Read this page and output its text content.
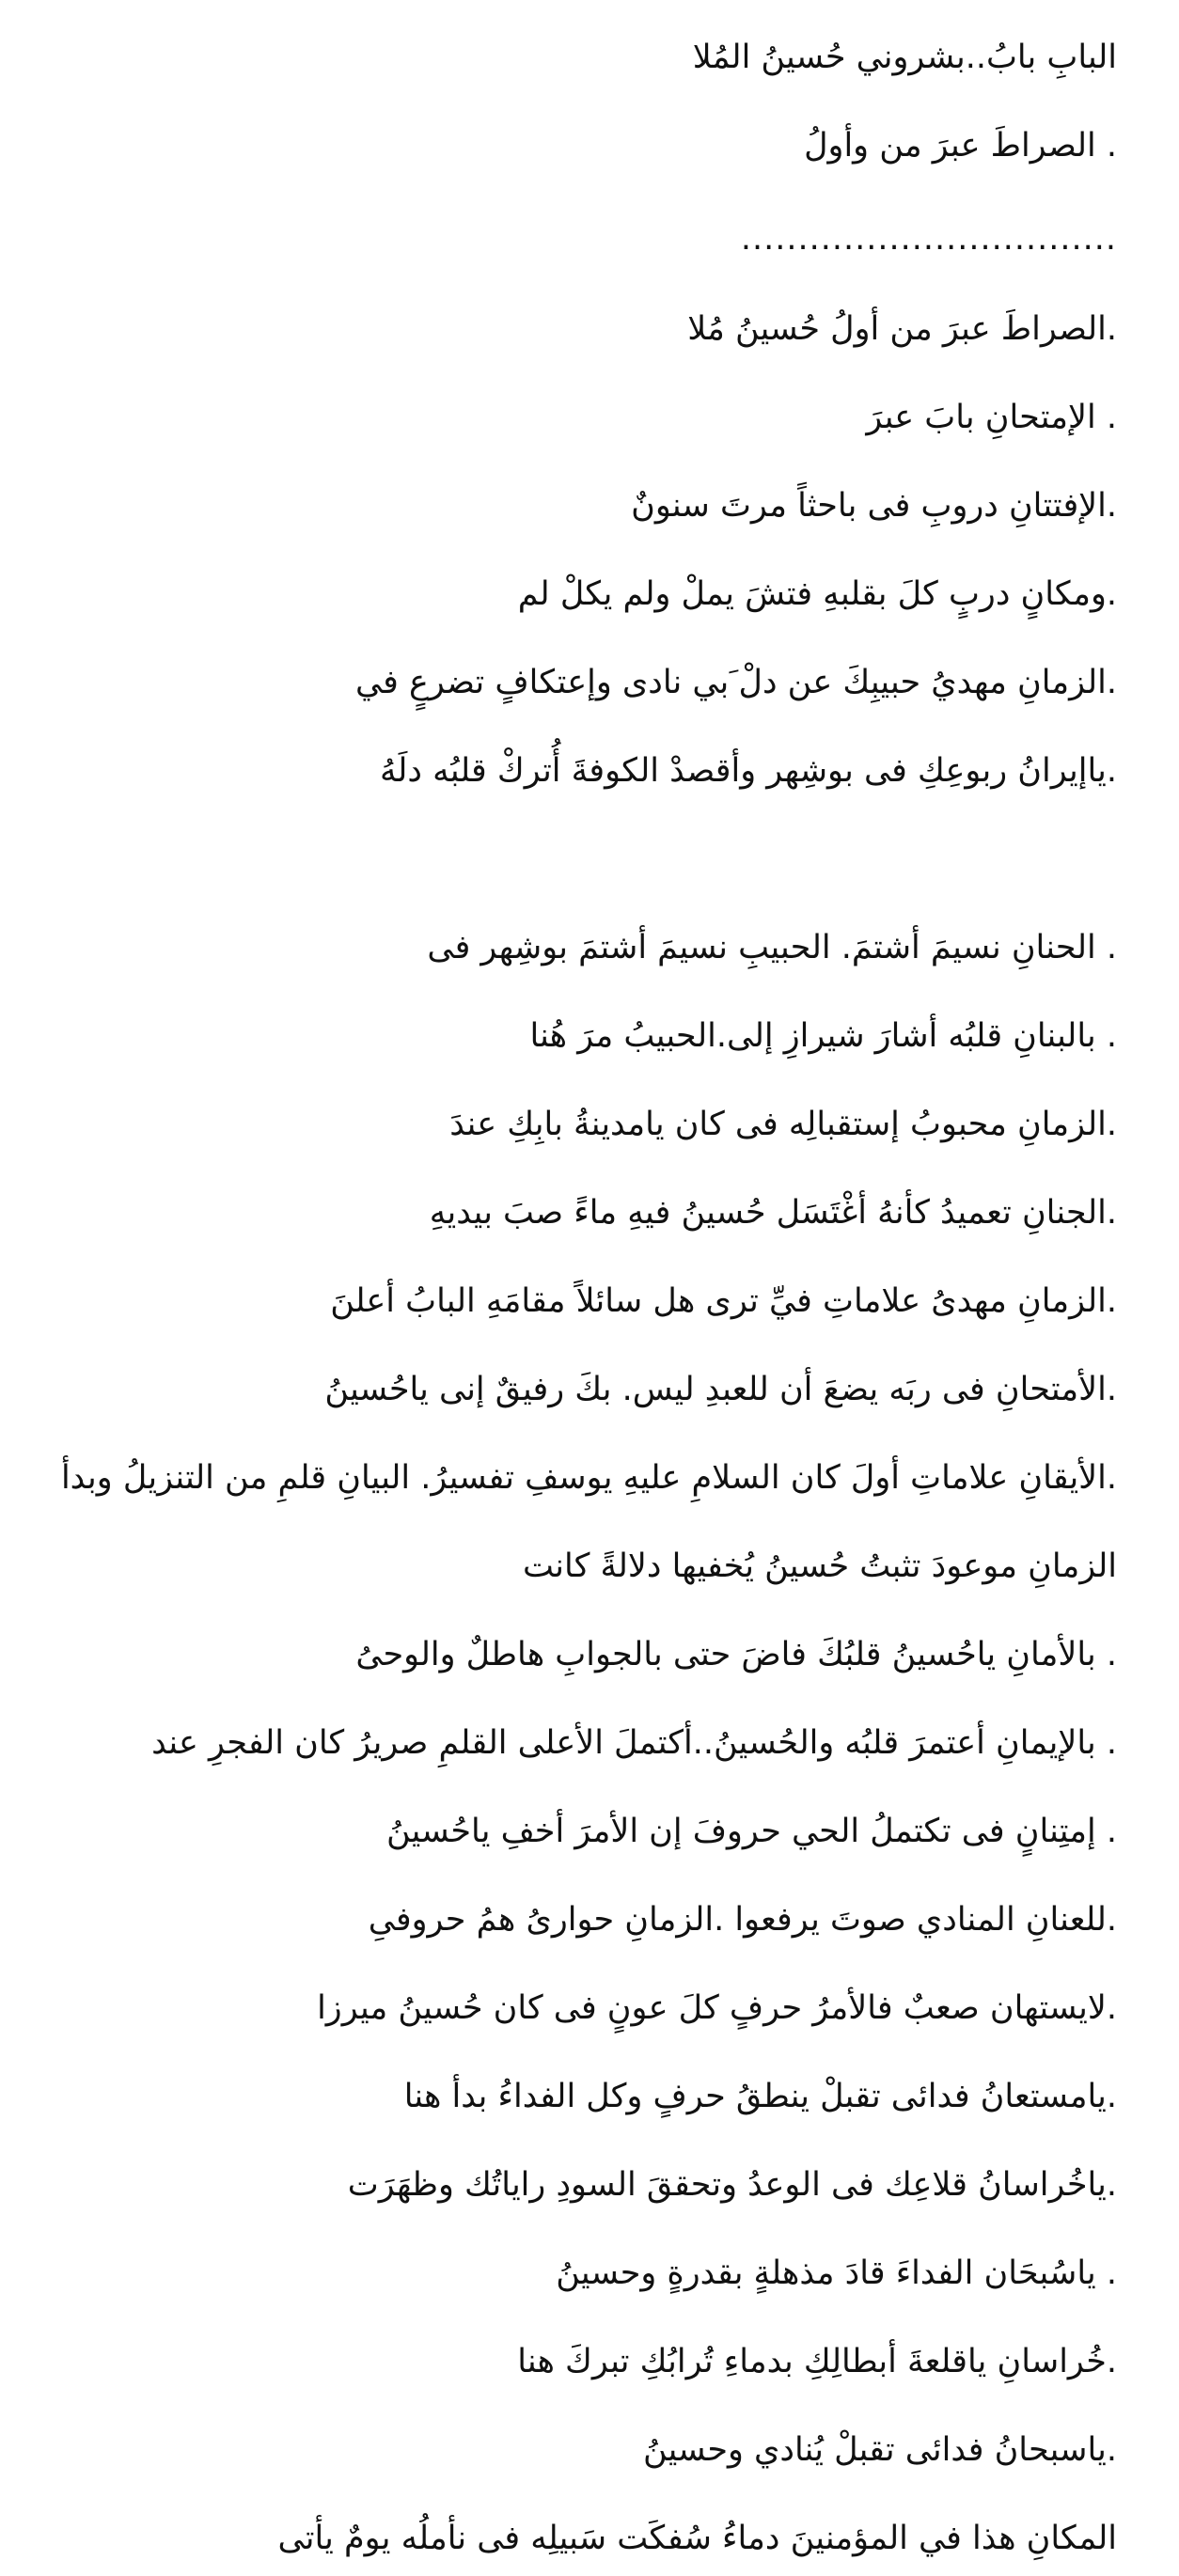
البابِ بابُ..بشروني حُسينُ المُلا
. الصراطَ عبرَ من وأولُ
.................................
.الصراطَ عبرَ من أولُ حُسينُ مُلا
. الإمتحانِ بابَ عبرَ
.الإفتتانِ دروبِ فى باحثاً مرتَ سنونٌ
.ومكانٍ دربٍ كلَ بقلبهِ فتشَ يملْ ولم يكلْ لم
.الزمانِ مهديُ حبيبِكَ عن دلْ َبي نادى وإعتكافٍ تضرعٍ في
.ياإيرانُ ربوعِكِ فى بوشِهر وأقصدْ الكوفةَ أُتركْ قلبُه دلَهُ
. الحنانِ نسيمَ أشتمَ. الحبيبِ نسيمَ أشتمَ بوشِهر فى
. بالبنانِ قلبُه أشارَ شيرازِ إلى.الحبيبُ مرَ هُنا
.الزمانِ محبوبُ إستقبالِه فى كان يامدينةُ بابِكِ عندَ
.الجنانِ تعميدُ كأنهُ أغْتَسَل حُسينُ فيهِ ماءً صبَ بيديهِ
.الزمانِ مهدىُ علاماتِ فيِّ ترى هل سائلاً مقامَهِ البابُ أعلنَ
.الأمتحانِ فى ربَه يضعَ أن للعبدِ ليس. بكَ رفيقٌ إنى ياحُسينُ
.الأيقانِ علاماتِ أولَ كان السلامِ عليهِ يوسفِ تفسيرُ. البيانِ قلمِ من التنزيلُ وبدأ
الزمانِ موعودَ تثبتُ حُسينُ يُخفيها دلالةً كانت
. بالأمانِ ياحُسينُ قلبُكَ فاضَ حتى بالجوابِ هاطلٌ والوحىُ
. بالإيمانِ أعتمرَ قلبُه والحُسينُ..أكتملَ الأعلى القلمِ صريرُ كان الفجرِ عند
. إمتِنانٍ فى تكتملُ الحي حروفَ إن الأمرَ أخفِ ياحُسينُ
.للعنانِ المنادي صوتَ يرفعوا .الزمانِ حوارىُ همُ حروفىِ
.لايستهان صعبٌ فالأمرُ حرفٍ كلَ عونٍ فى كان حُسينُ ميرزا
.يامستعانُ فدائى تقبلْ ينطقُ حرفٍ وكل الفداءُ بدأ هنا
.ياخُراسانُ قلاعِك فى الوعدُ وتحققَ السودِ راياتُك وظهَرَت
. ياسُبحَان الفداءَ قادَ مذهلةٍ بقدرةٍ وحسينُ
.خُراسانِ ياقلعةَ أبطالِكِ بدماءِ تُرابُكِ تبركَ هنا
.ياسبحانُ فدائى تقبلْ يُنادي وحسينُ
المكانِ هذا في المؤمنينَ دماءُ سُفكَت سَبيلِه فى نأملُه يومٌ يأتى
